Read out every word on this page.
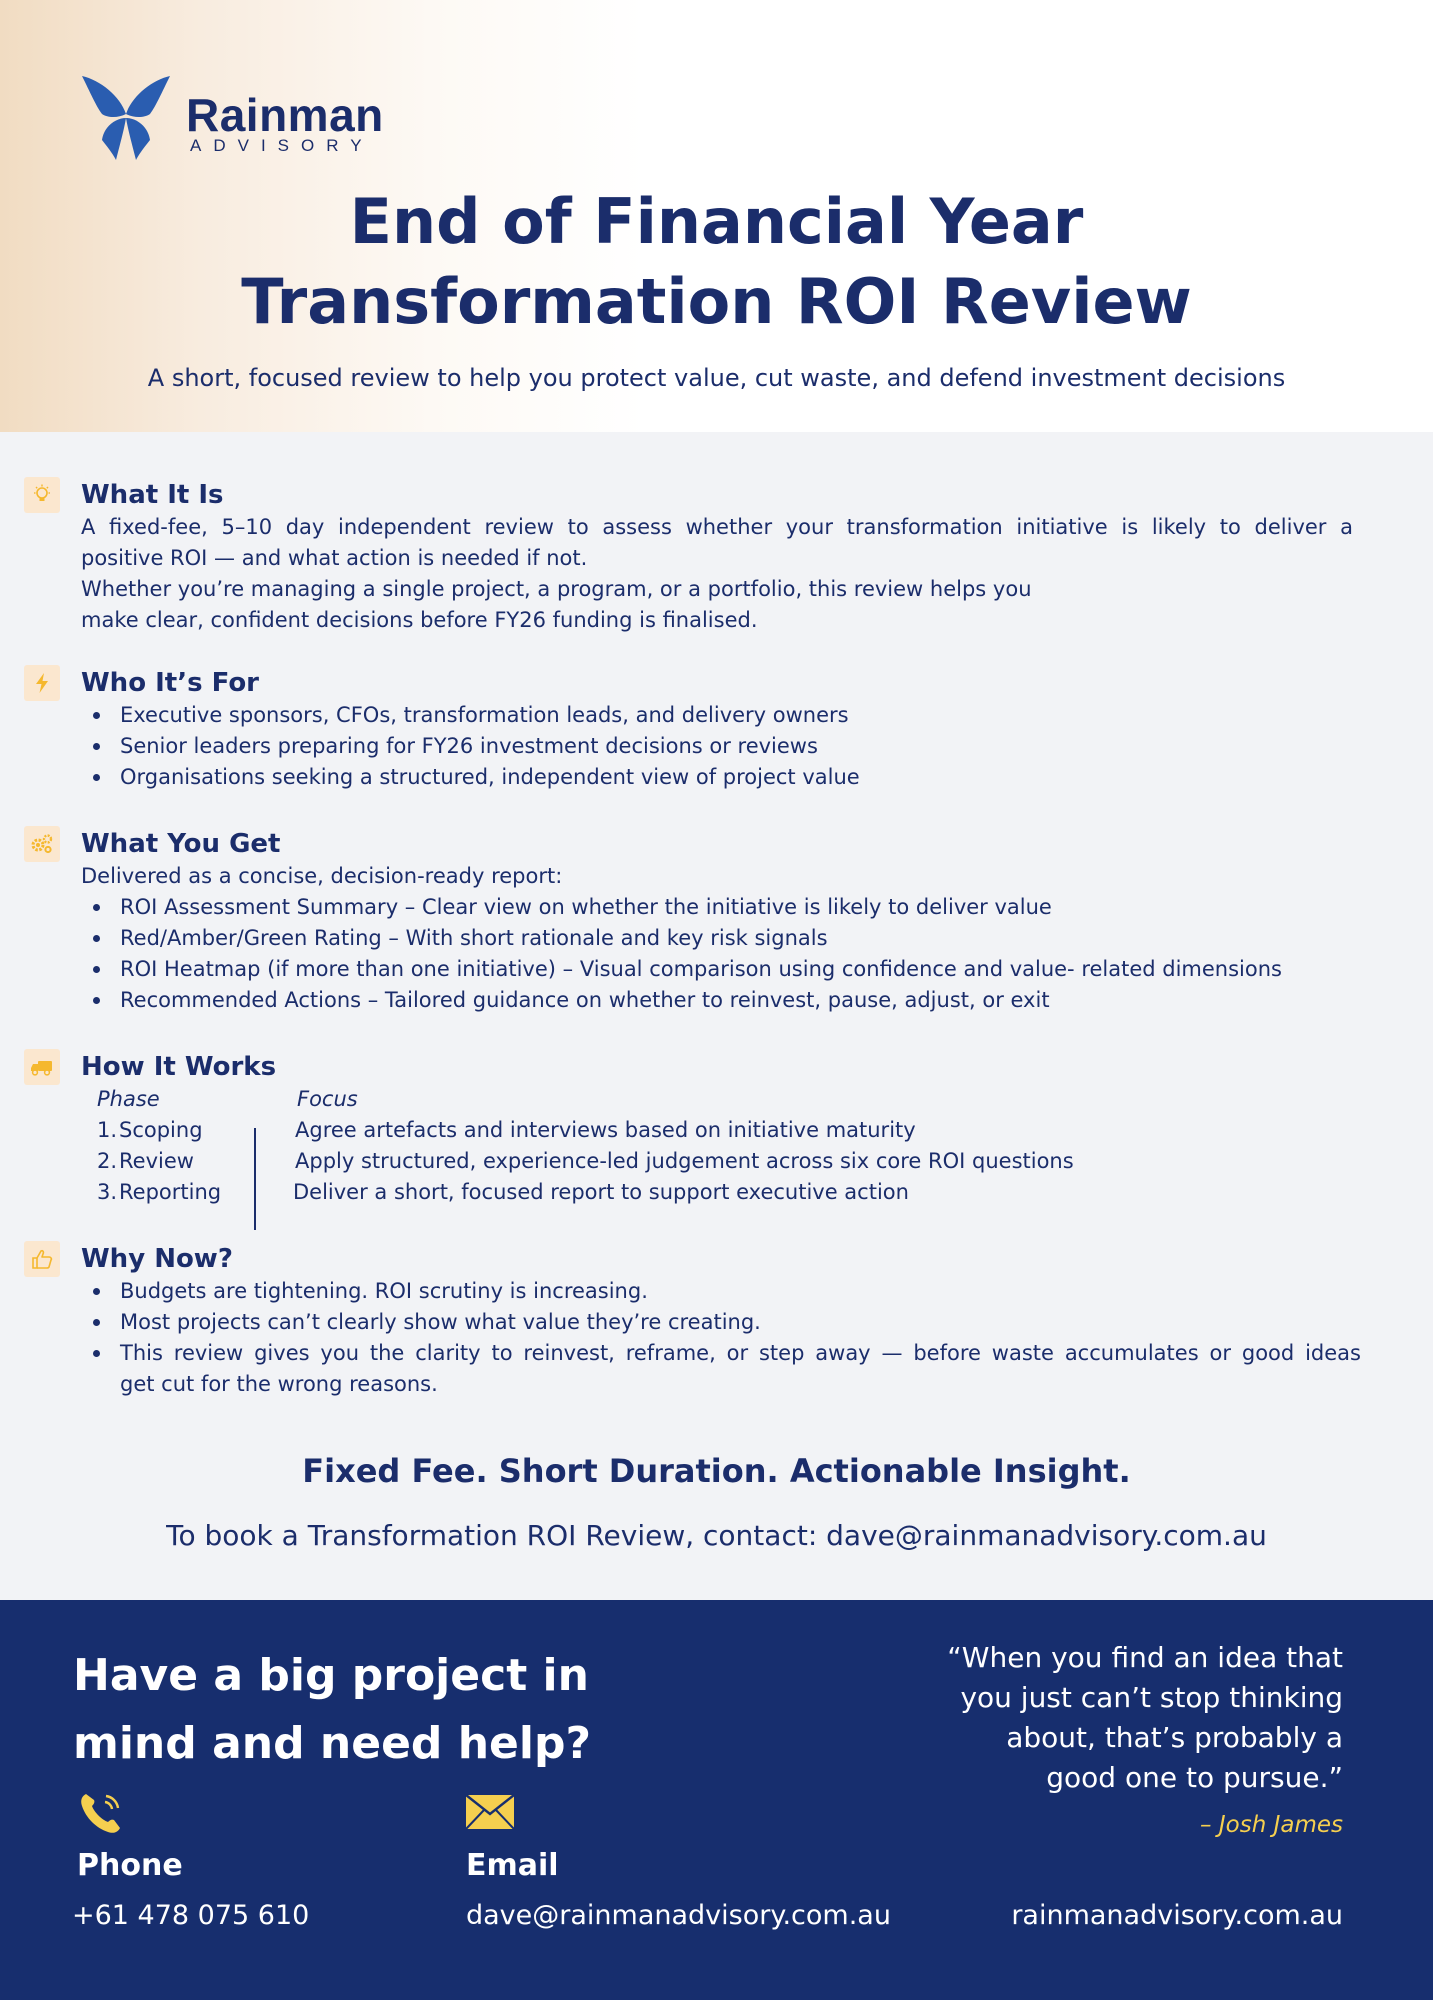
Rainman
ADVISORY
End of Financial Year
Transformation ROI Review
A short, focused review to help you protect value, cut waste, and defend investment decisions
What It Is
A fixed-fee, 5–10 day independent review to assess whether your transformation initiative is likely to deliver a
positive ROI — and what action is needed if not.
Whether you’re managing a single project, a program, or a portfolio, this review helps you
make clear, confident decisions before FY26 funding is finalised.
Who It’s For
Executive sponsors, CFOs, transformation leads, and delivery owners
Senior leaders preparing for FY26 investment decisions or reviews
Organisations seeking a structured, independent view of project value
What You Get
Delivered as a concise, decision-ready report:
ROI Assessment Summary – Clear view on whether the initiative is likely to deliver value
Red/Amber/Green Rating – With short rationale and key risk signals
ROI Heatmap (if more than one initiative) – Visual comparison using confidence and value- related dimensions
Recommended Actions – Tailored guidance on whether to reinvest, pause, adjust, or exit
How It Works
Phase
1.Scoping
2.Review
3.Reporting
Focus
Agree artefacts and interviews based on initiative maturity
Apply structured, experience-led judgement across six core ROI questions
Deliver a short, focused report to support executive action
Why Now?
Budgets are tightening. ROI scrutiny is increasing.
Most projects can’t clearly show what value they’re creating.
This review gives you the clarity to reinvest, reframe, or step away — before waste accumulates or good ideas
get cut for the wrong reasons.
Fixed Fee. Short Duration. Actionable Insight.
To book a Transformation ROI Review, contact: dave@rainmanadvisory.com.au
Have a big project in
mind and need help?
“When you find an idea that
you just can’t stop thinking
about, that’s probably a
good one to pursue.”
– Josh James
Phone
+61 478 075 610
Email
dave@rainmanadvisory.com.au	rainmanadvisory.com.au
